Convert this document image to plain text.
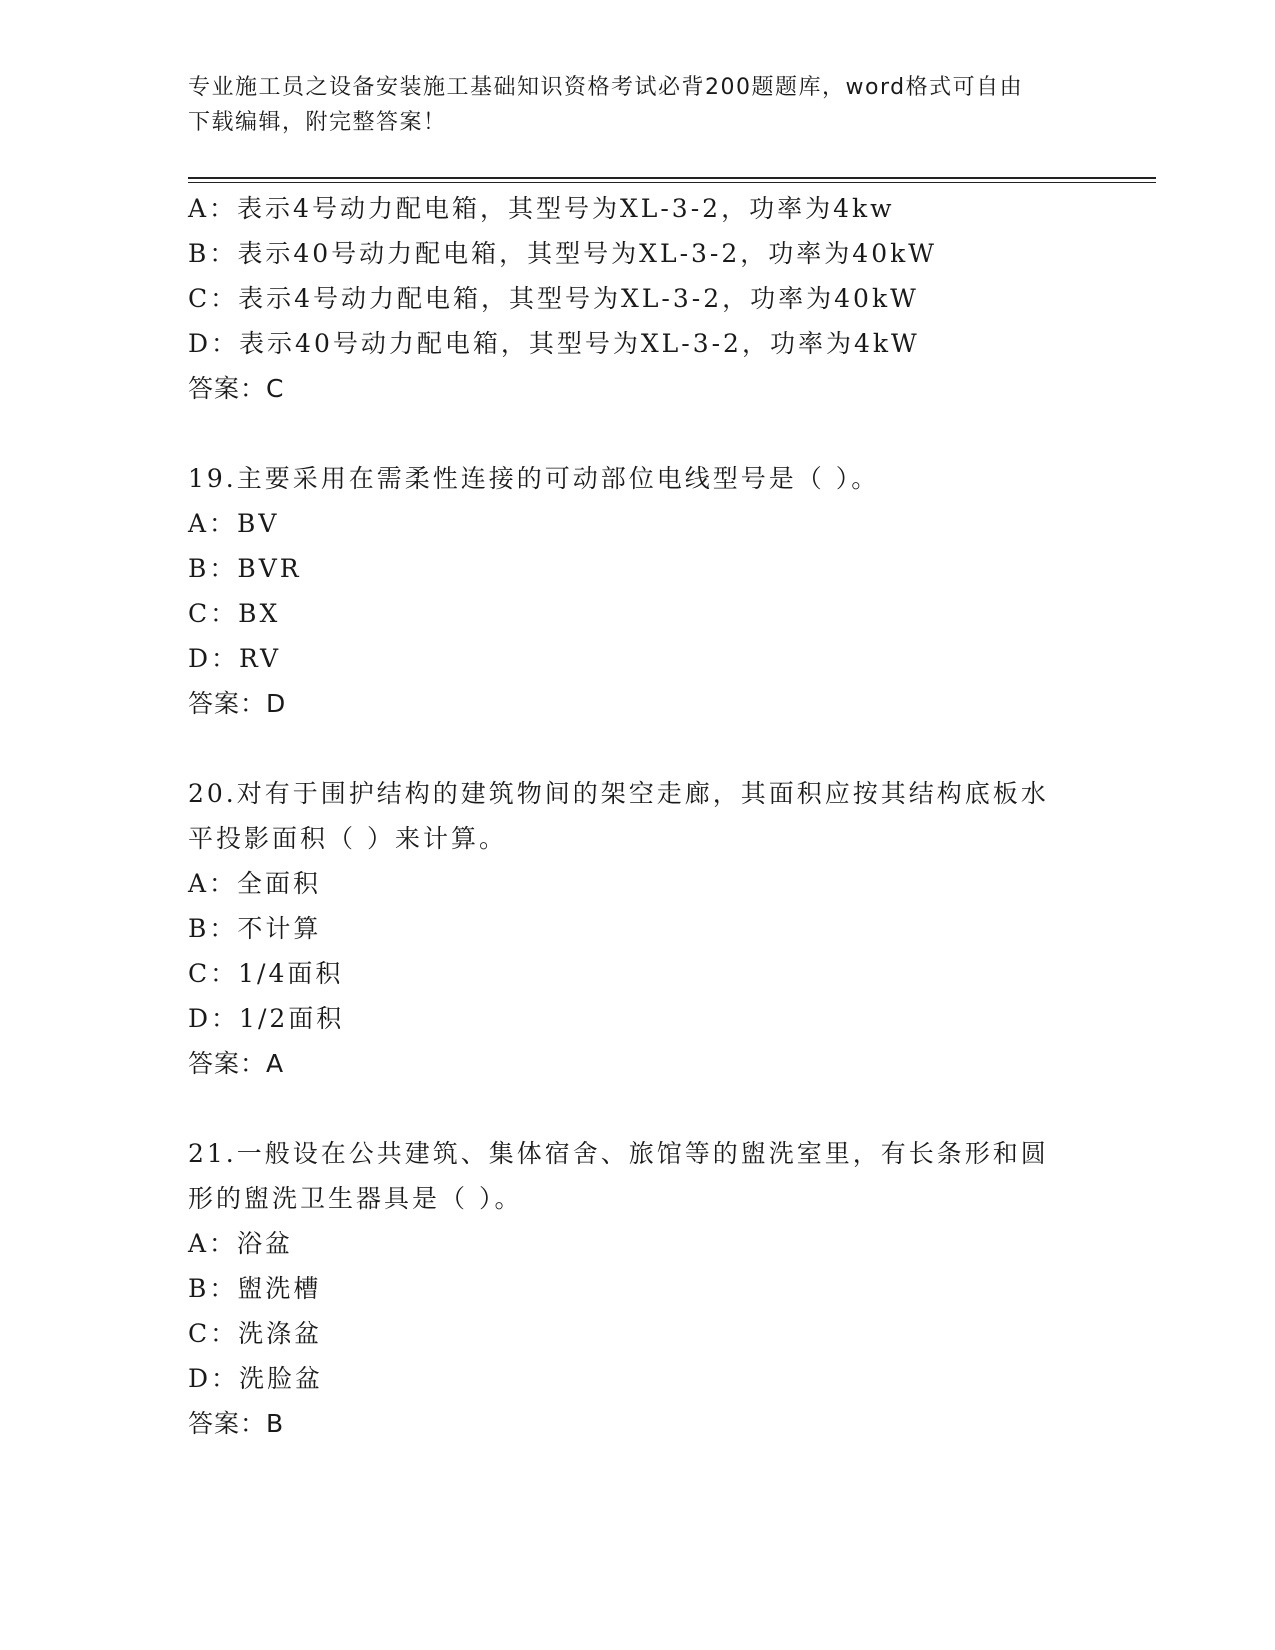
专业施工员之设备安装施工基础知识资格考试必背200题题库，word格式可自由
下载编辑，附完整答案！
A：表示4号动力配电箱，其型号为XL-3-2，功率为4kw
B：表示40号动力配电箱，其型号为XL-3-2，功率为40kW
C：表示4号动力配电箱，其型号为XL-3-2，功率为40kW
D：表示40号动力配电箱，其型号为XL-3-2，功率为4kW
答案：C
19.主要采用在需柔性连接的可动部位电线型号是（ ）。
A：BV
B：BVR
C：BX
D：RV
答案：D
20.对有于围护结构的建筑物间的架空走廊，其面积应按其结构底板水
平投影面积（ ）来计算。
A：全面积
B：不计算
C：1/4面积
D：1/2面积
答案：A
21.一般设在公共建筑、集体宿舍、旅馆等的盥洗室里，有长条形和圆
形的盥洗卫生器具是（ ）。
A：浴盆
B：盥洗槽
C：洗涤盆
D：洗脸盆
答案：B
